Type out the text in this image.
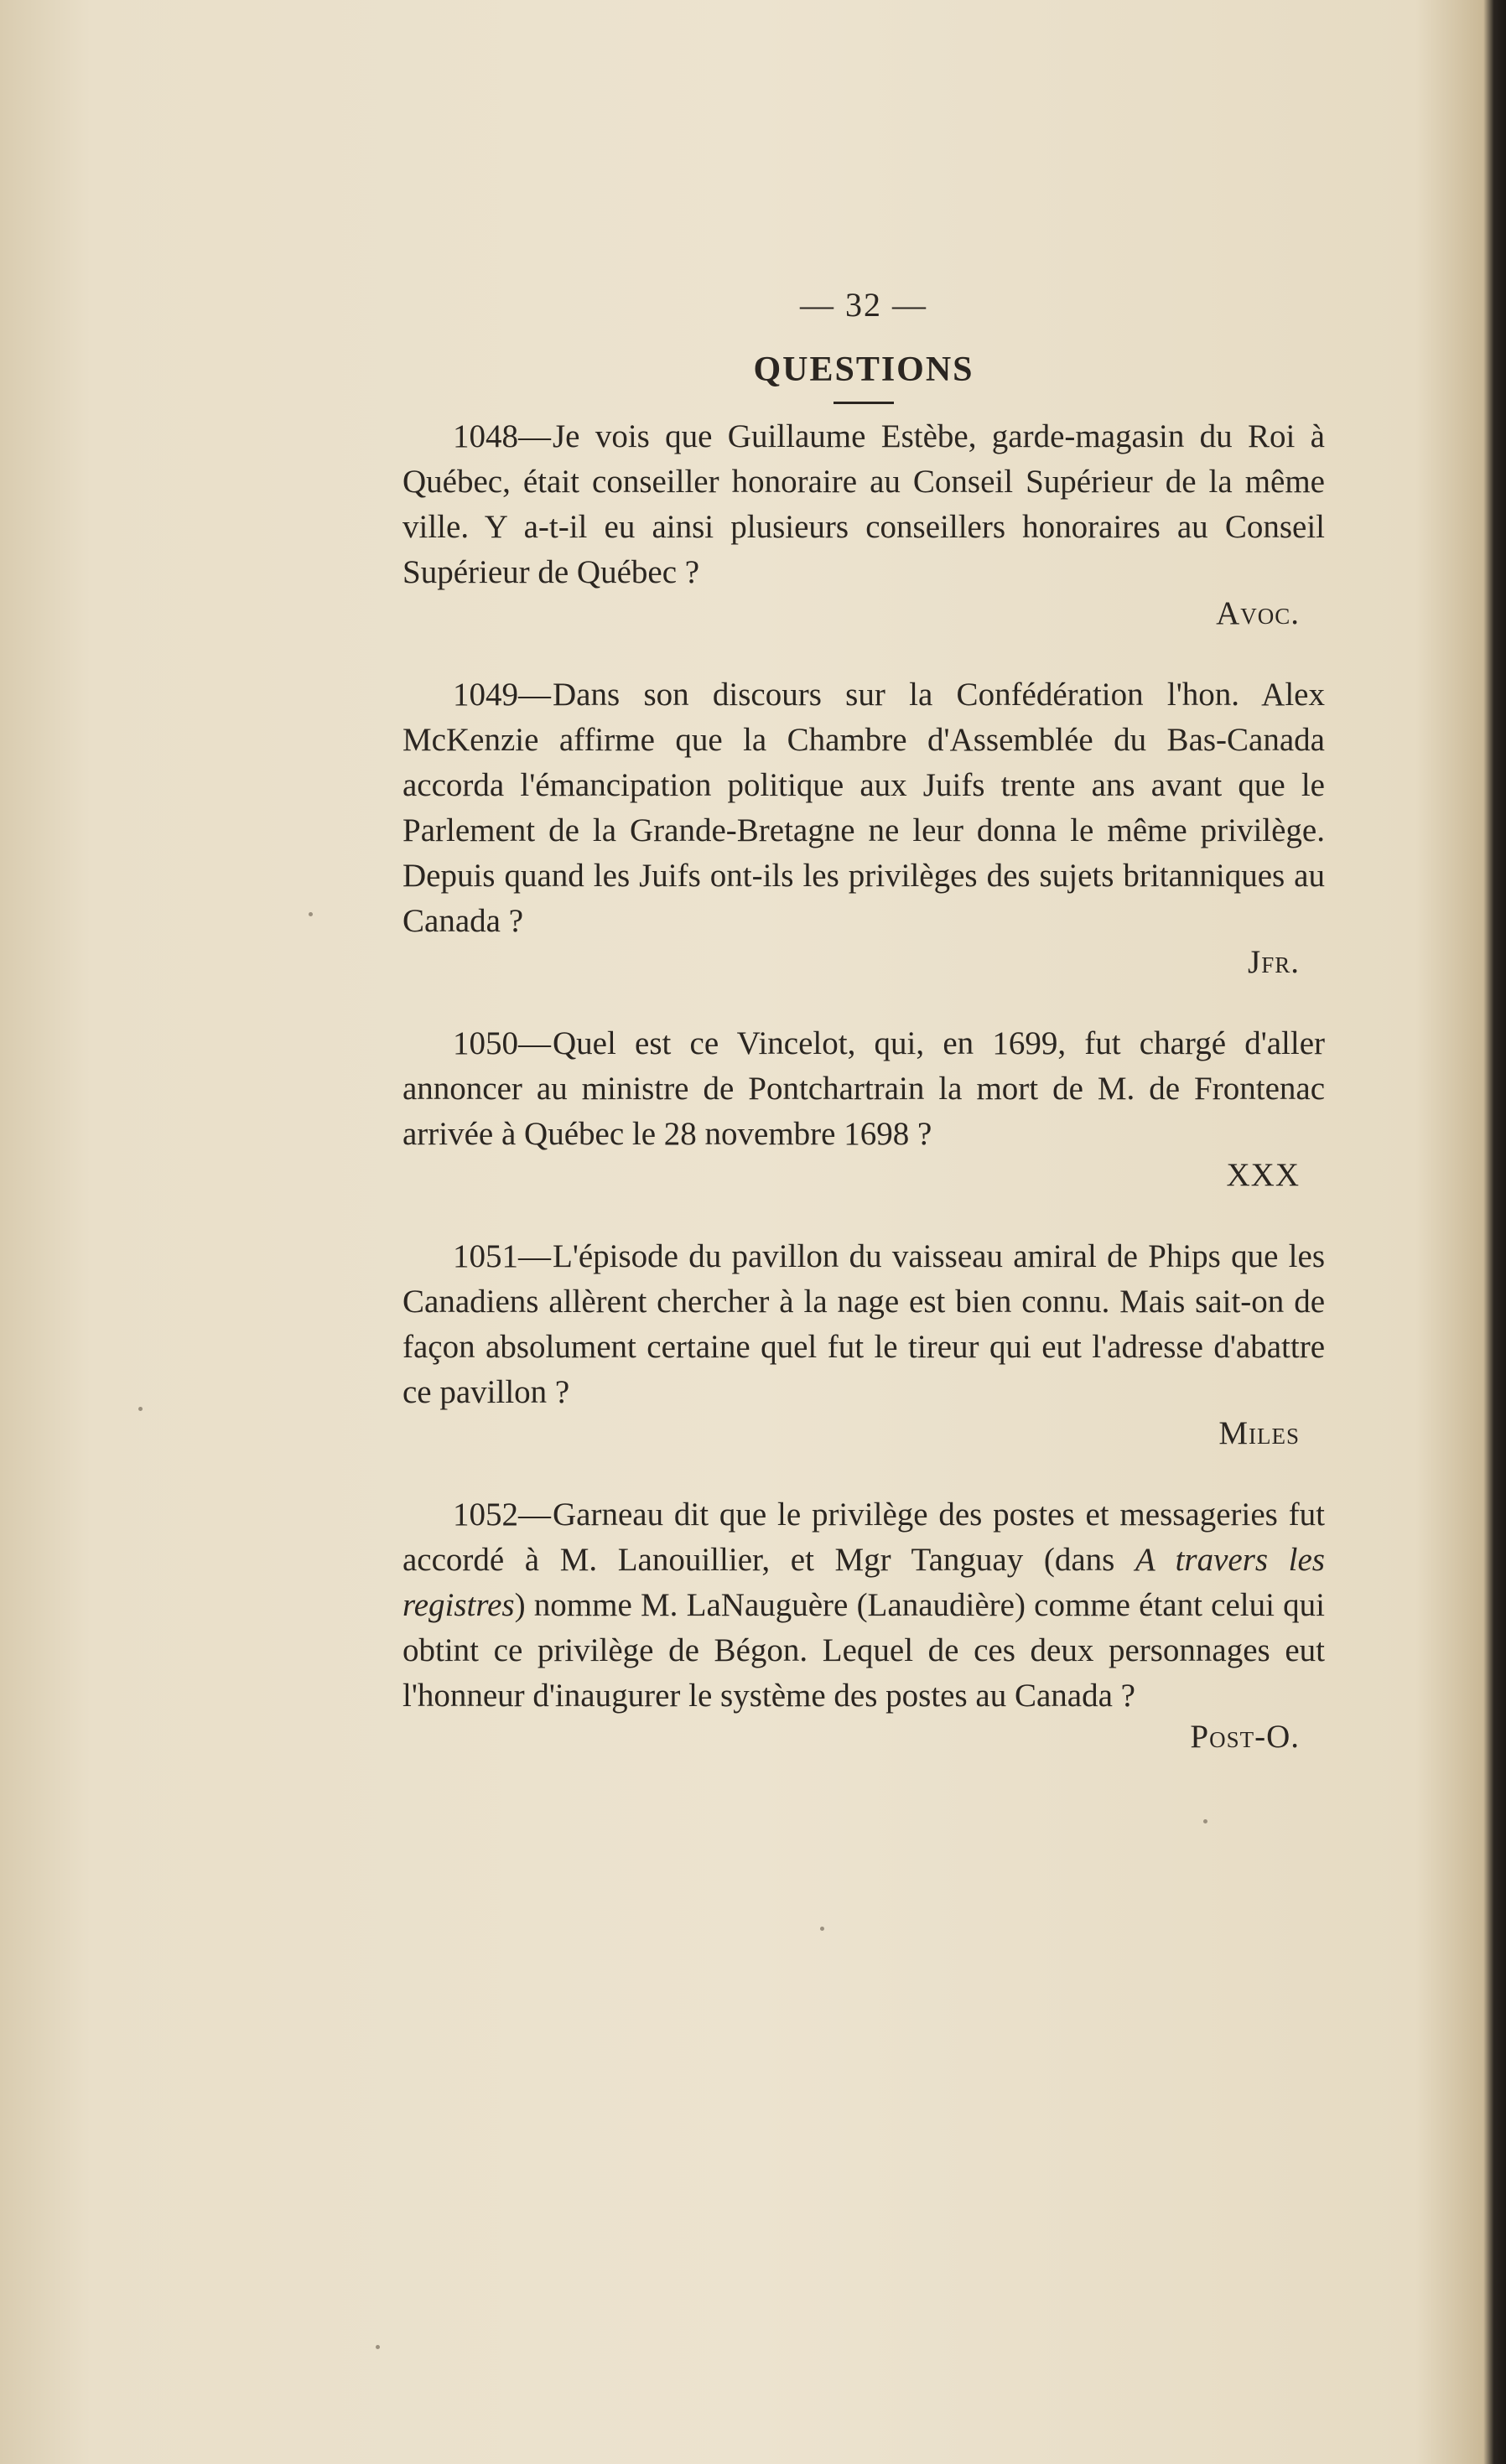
— 32 —

QUESTIONS

1048—Je vois que Guillaume Estèbe, garde-magasin du Roi à Québec, était conseiller honoraire au Conseil Supérieur de la même ville. Y a-t-il eu ainsi plusieurs conseillers honoraires au Conseil Supérieur de Québec ?

Avoc.

1049—Dans son discours sur la Confédération l'hon. Alex McKenzie affirme que la Chambre d'Assemblée du Bas-Canada accorda l'émancipation politique aux Juifs trente ans avant que le Parlement de la Grande-Bretagne ne leur donna le même privilège. Depuis quand les Juifs ont-ils les privilèges des sujets britanniques au Canada ?

Jfr.

1050—Quel est ce Vincelot, qui, en 1699, fut chargé d'aller annoncer au ministre de Pontchartrain la mort de M. de Frontenac arrivée à Québec le 28 novembre 1698 ?

XXX

1051—L'épisode du pavillon du vaisseau amiral de Phips que les Canadiens allèrent chercher à la nage est bien connu. Mais sait-on de façon absolument certaine quel fut le tireur qui eut l'adresse d'abattre ce pavillon ?

Miles

1052—Garneau dit que le privilège des postes et messageries fut accordé à M. Lanouillier, et Mgr Tanguay (dans A travers les registres) nomme M. LaNauguère (Lanaudière) comme étant celui qui obtint ce privilège de Bégon. Lequel de ces deux personnages eut l'honneur d'inaugurer le système des postes au Canada ?

Post-O.
